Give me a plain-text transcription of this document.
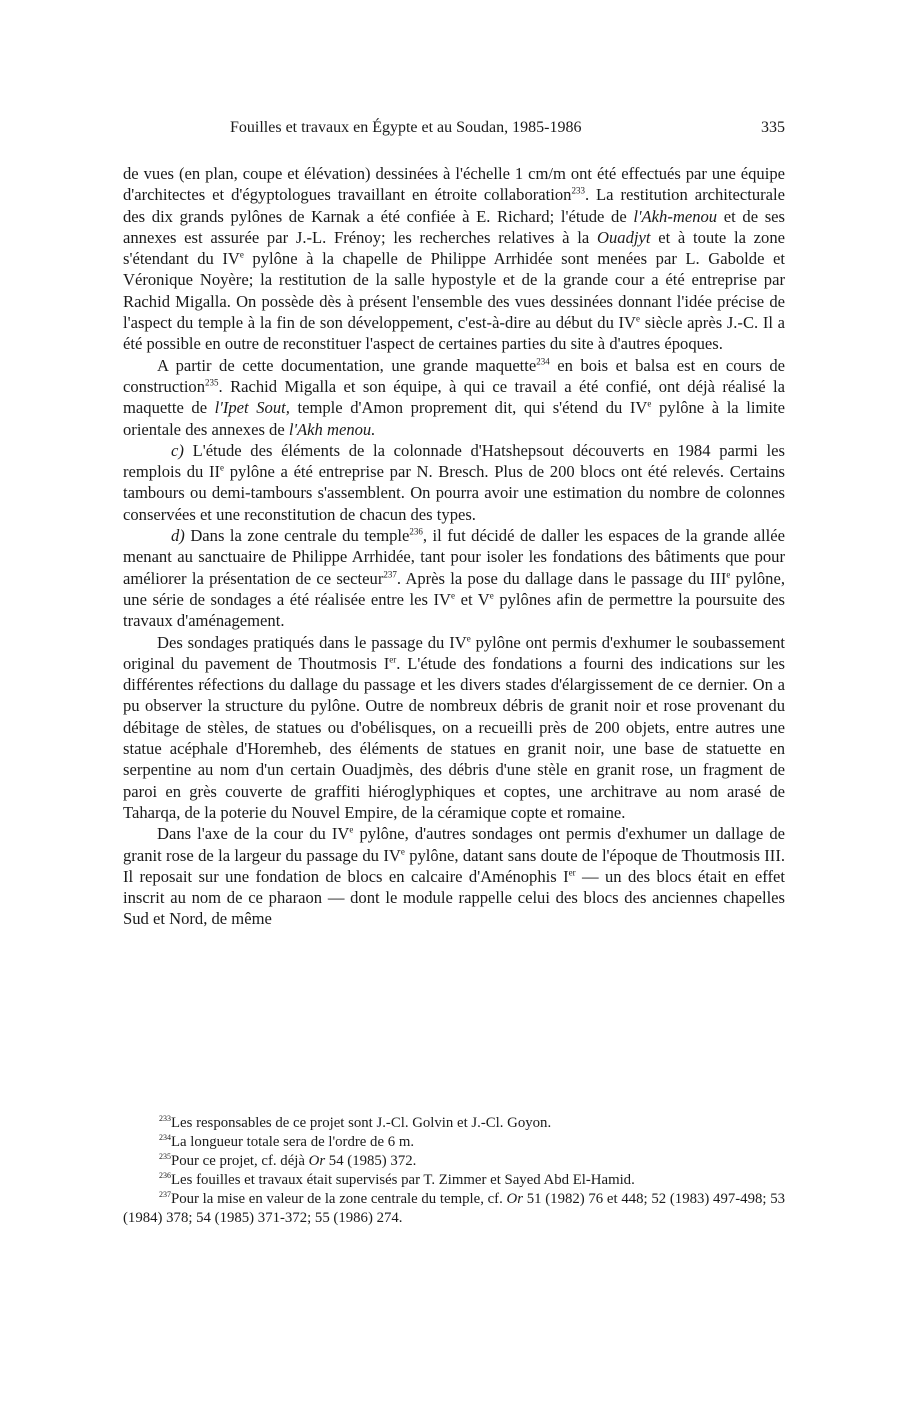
Fouilles et travaux en Égypte et au Soudan, 1985-1986	335

de vues (en plan, coupe et élévation) dessinées à l'échelle 1 cm/m ont été effectués par une équipe d'architectes et d'égyptologues travaillant en étroite collaboration$^{233}$. La restitution architecturale des dix grands pylônes de Karnak a été confiée à E. Richard; l'étude de l'Akh-menou et de ses annexes est assurée par J.-L. Frénoy; les recherches relatives à la Ouadjyt et à toute la zone s'étendant du IVe pylône à la chapelle de Philippe Arrhidée sont menées par L. Gabolde et Véronique Noyère; la restitution de la salle hypostyle et de la grande cour a été entreprise par Rachid Migalla. On possède dès à présent l'ensemble des vues dessinées donnant l'idée précise de l'aspect du temple à la fin de son développement, c'est-à-dire au début du IVe siècle après J.-C. Il a été possible en outre de reconstituer l'aspect de certaines parties du site à d'autres époques.

A partir de cette documentation, une grande maquette$^{234}$ en bois et balsa est en cours de construction$^{235}$. Rachid Migalla et son équipe, à qui ce travail a été confié, ont déjà réalisé la maquette de l'Ipet Sout, temple d'Amon proprement dit, qui s'étend du IVe pylône à la limite orientale des annexes de l'Akh menou.

c) L'étude des éléments de la colonnade d'Hatshepsout découverts en 1984 parmi les remplois du IIe pylône a été entreprise par N. Bresch. Plus de 200 blocs ont été relevés. Certains tambours ou demi-tambours s'assemblent. On pourra avoir une estimation du nombre de colonnes conservées et une reconstitution de chacun des types.

d) Dans la zone centrale du temple$^{236}$, il fut décidé de daller les espaces de la grande allée menant au sanctuaire de Philippe Arrhidée, tant pour isoler les fondations des bâtiments que pour améliorer la présentation de ce secteur$^{237}$. Après la pose du dallage dans le passage du IIIe pylône, une série de sondages a été réalisée entre les IVe et Ve pylônes afin de permettre la poursuite des travaux d'aménagement.

Des sondages pratiqués dans le passage du IVe pylône ont permis d'exhumer le soubassement original du pavement de Thoutmosis Ier. L'étude des fondations a fourni des indications sur les différentes réfections du dallage du passage et les divers stades d'élargissement de ce dernier. On a pu observer la structure du pylône. Outre de nombreux débris de granit noir et rose provenant du débitage de stèles, de statues ou d'obélisques, on a recueilli près de 200 objets, entre autres une statue acéphale d'Horemheb, des éléments de statues en granit noir, une base de statuette en serpentine au nom d'un certain Ouadjmès, des débris d'une stèle en granit rose, un fragment de paroi en grès couverte de graffiti hiéroglyphiques et coptes, une architrave au nom arasé de Taharqa, de la poterie du Nouvel Empire, de la céramique copte et romaine.

Dans l'axe de la cour du IVe pylône, d'autres sondages ont permis d'exhumer un dallage de granit rose de la largeur du passage du IVe pylône, datant sans doute de l'époque de Thoutmosis III. Il reposait sur une fondation de blocs en calcaire d'Aménophis Ier — un des blocs était en effet inscrit au nom de ce pharaon — dont le module rappelle celui des blocs des anciennes chapelles Sud et Nord, de même

$^{233}$Les responsables de ce projet sont J.-Cl. Golvin et J.-Cl. Goyon.

$^{234}$La longueur totale sera de l'ordre de 6 m.

$^{235}$Pour ce projet, cf. déjà Or 54 (1985) 372.

$^{236}$Les fouilles et travaux était supervisés par T. Zimmer et Sayed Abd El-Hamid.

$^{237}$Pour la mise en valeur de la zone centrale du temple, cf. Or 51 (1982) 76 et 448; 52 (1983) 497-498; 53 (1984) 378; 54 (1985) 371-372; 55 (1986) 274.
